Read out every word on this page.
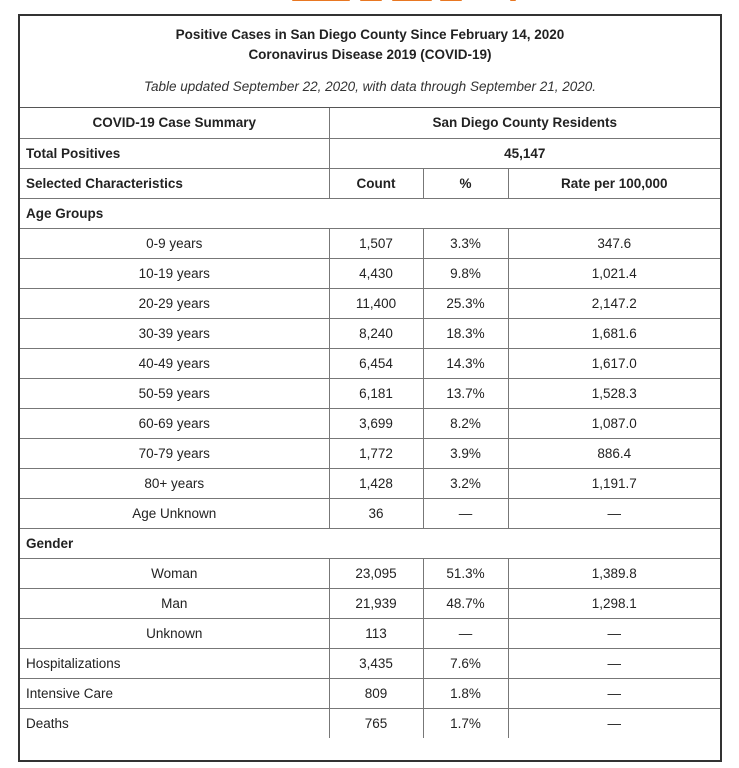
Positive Cases in San Diego County Since February 14, 2020
Coronavirus Disease 2019 (COVID-19)
Table updated September 22, 2020, with data through September 21, 2020.
COVID-19 Case Summary	San Diego County Residents		
Total Positives	45,147		
Selected Characteristics	Count	%	Rate per 100,000
Age Groups			
0-9 years	1,507	3.3%	347.6
10-19 years	4,430	9.8%	1,021.4
20-29 years	11,400	25.3%	2,147.2
30-39 years	8,240	18.3%	1,681.6
40-49 years	6,454	14.3%	1,617.0
50-59 years	6,181	13.7%	1,528.3
60-69 years	3,699	8.2%	1,087.0
70-79 years	1,772	3.9%	886.4
80+ years	1,428	3.2%	1,191.7
Age Unknown	36	—	—
Gender			
Woman	23,095	51.3%	1,389.8
Man	21,939	48.7%	1,298.1
Unknown	113	—	—
Hospitalizations	3,435	7.6%	—
Intensive Care	809	1.8%	—
Deaths	765	1.7%	—
